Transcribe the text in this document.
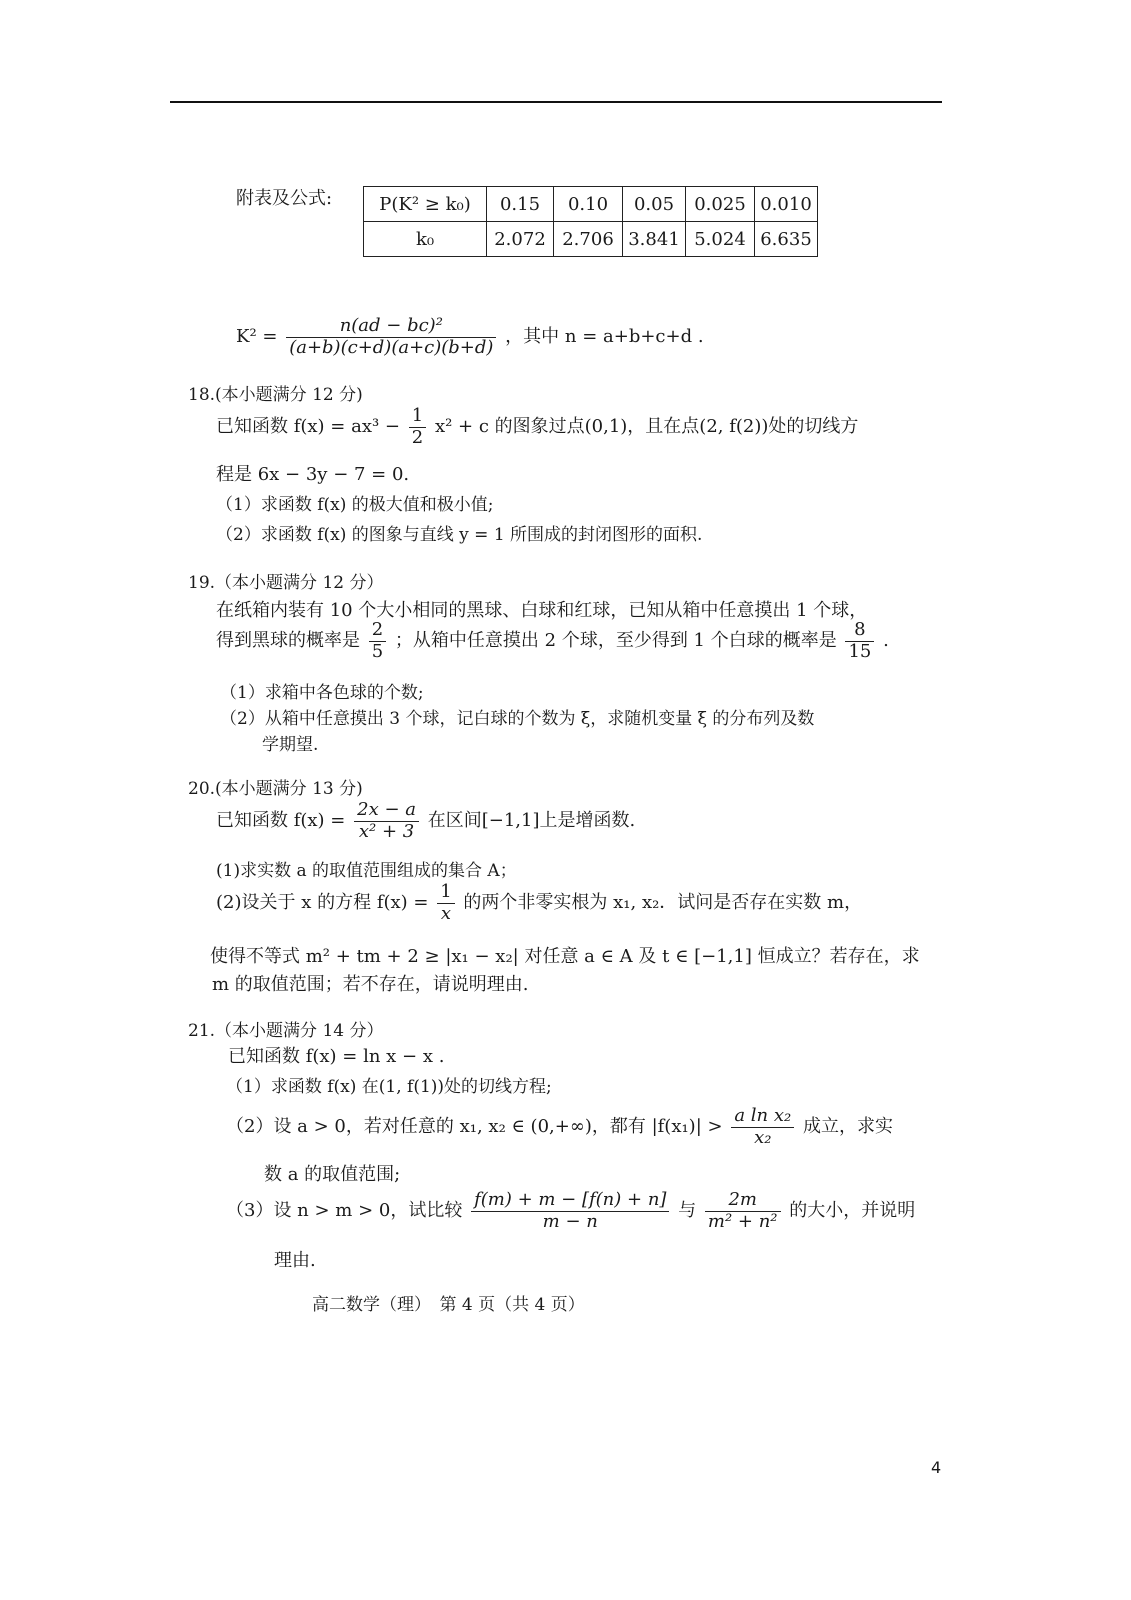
附表及公式:	P(K² ≥ k₀)	0.15	0.10	0.05	0.025	0.010
k₀	2.072	2.706	3.841	5.024	6.635
$K^2 = \frac{\text{n(ad − bc)²}}{(a+b)(c+d)(a+c)(b+d)}$ ，其中 n = a+b+c+d .
18.(本小题满分 12 分)
已知函数 $f(x) = ax^3 - \frac{1}{2} x^2 + c$ 的图象过点(0,1)，且在点(2, f(2))处的切线方
程是 6x − 3y − 7 = 0.
（1）求函数 f(x) 的极大值和极小值;
（2）求函数 f(x) 的图象与直线 y = 1 所围成的封闭图形的面积.
19.（本小题满分 12 分）
在纸箱内装有 10 个大小相同的黑球、白球和红球，已知从箱中任意摸出 1 个球，
得到黑球的概率是 $\frac{2}{5}$ ；从箱中任意摸出 2 个球，至少得到 1 个白球的概率是 $\frac{8}{15}$ .
（1）求箱中各色球的个数;
（2）从箱中任意摸出 3 个球，记白球的个数为 ξ，求随机变量 ξ 的分布列及数
学期望.
20.(本小题满分 13 分)
已知函数 $f(x) = \frac{2x - a}{\text{x² + 3}}$ 在区间[−1,1]上是增函数.
(1)求实数 a 的取值范围组成的集合 A；
(2)设关于 x 的方程 $f(x) = \frac{1}{x}$ 的两个非零实根为 x₁, x₂．试问是否存在实数 m，
使得不等式 m² + tm + 2 ≥ |x₁ − x₂| 对任意 a ∈ A 及 t ∈ [−1,1] 恒成立？若存在，求
m 的取值范围；若不存在，请说明理由.
21.（本小题满分 14 分）
已知函数 f(x) = ln x − x .
（1）求函数 f(x) 在(1, f(1))处的切线方程;
（2）设 a > 0，若对任意的 x₁, x₂ ∈ (0,+∞)，都有 $|f(x_1)| > \frac{\text{a ln x₂}}{\text{x₂}}$ 成立，求实
数 a 的取值范围;
（3）设 n > m > 0，试比较 $\frac{f(m) + m - [f(n) + n]}{m - n}$ 与 $\frac{2m}{\text{m² + n²}}$ 的大小，并说明
理由.
高二数学（理）　第 4 页（共 4 页）
4
